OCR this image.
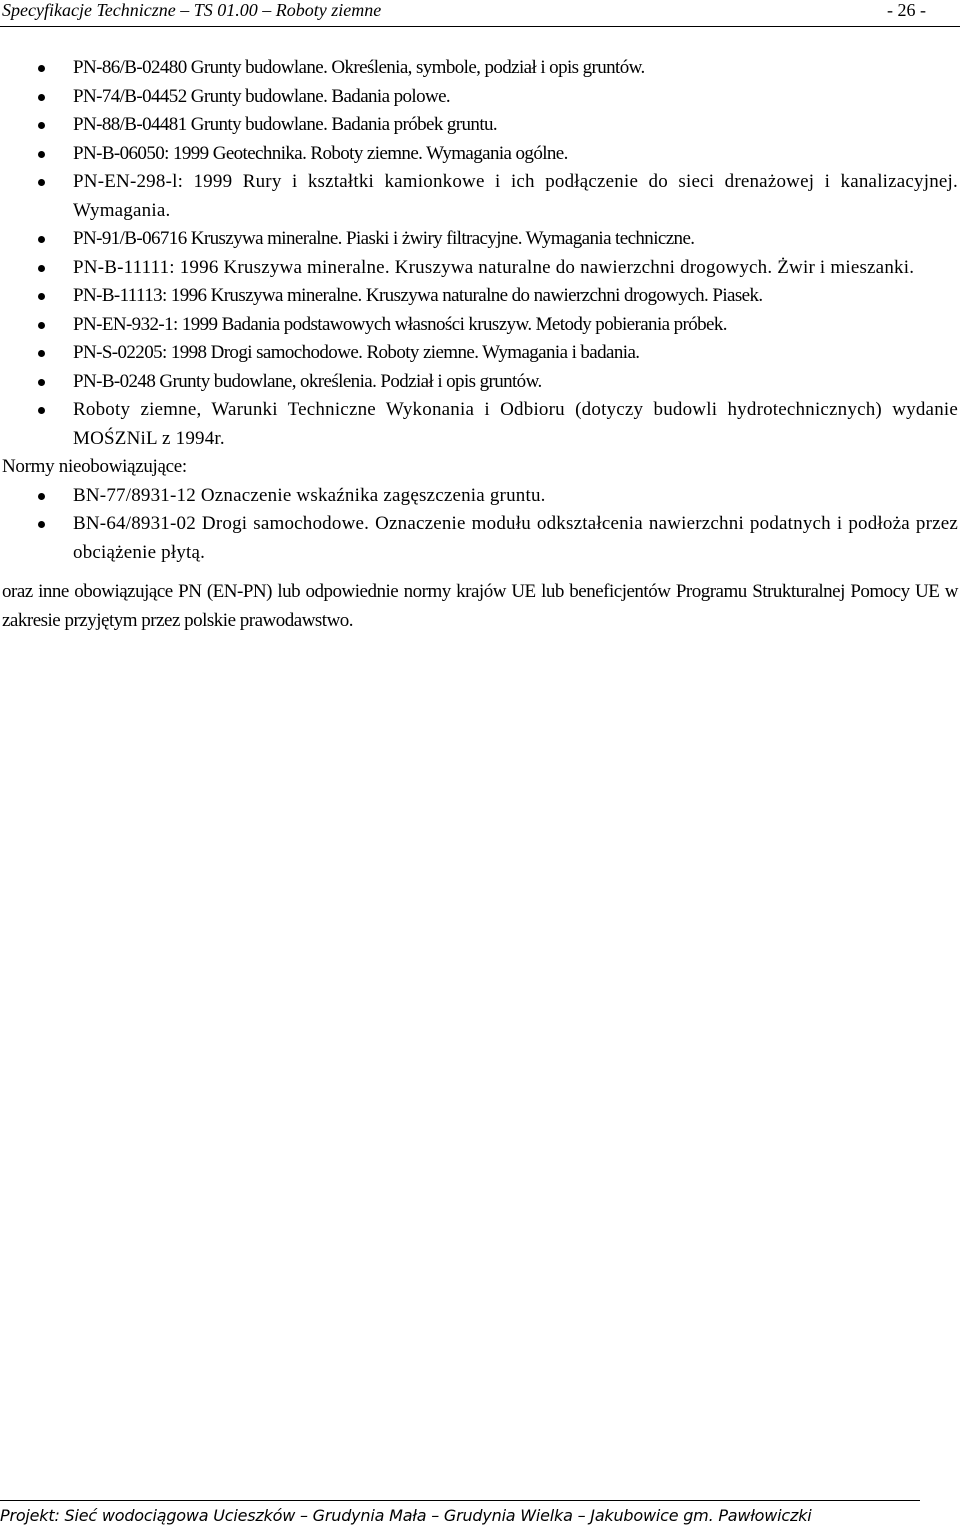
Specyfikacje Techniczne – TS 01.00 – Roboty ziemne	- 26 -
PN-86/B-02480 Grunty budowlane. Określenia, symbole, podział i opis gruntów.
PN-74/B-04452 Grunty budowlane. Badania polowe.
PN-88/B-04481 Grunty budowlane. Badania próbek gruntu.
PN-B-06050: 1999 Geotechnika. Roboty ziemne. Wymagania ogólne.
PN-EN-298-l: 1999 Rury i kształtki kamionkowe i ich podłączenie do sieci drenażowej i kanalizacyjnej. Wymagania.
PN-91/B-06716 Kruszywa mineralne. Piaski i żwiry filtracyjne. Wymagania techniczne.
PN-B-11111: 1996 Kruszywa mineralne. Kruszywa naturalne do nawierzchni drogowych. Żwir i mieszanki.
PN-B-11113: 1996 Kruszywa mineralne. Kruszywa naturalne do nawierzchni drogowych. Piasek.
PN-EN-932-1: 1999 Badania podstawowych własności kruszyw. Metody pobierania próbek.
PN-S-02205: 1998 Drogi samochodowe. Roboty ziemne. Wymagania i badania.
PN-B-0248 Grunty budowlane, określenia. Podział i opis gruntów.
Roboty ziemne, Warunki Techniczne Wykonania i Odbioru (dotyczy budowli hydrotechnicznych) wydanie MOŚZNiL z 1994r.
Normy nieobowiązujące:
BN-77/8931-12 Oznaczenie wskaźnika zagęszczenia gruntu.
BN-64/8931-02 Drogi samochodowe. Oznaczenie modułu odkształcenia nawierzchni podatnych i podłoża przez obciążenie płytą.

oraz inne obowiązujące PN (EN-PN) lub odpowiednie normy krajów UE lub beneficjentów Programu Strukturalnej Pomocy UE w zakresie przyjętym przez polskie prawodawstwo.

Projekt: Sieć wodociągowa Ucieszków – Grudynia Mała – Grudynia Wielka – Jakubowice gm. Pawłowiczki
